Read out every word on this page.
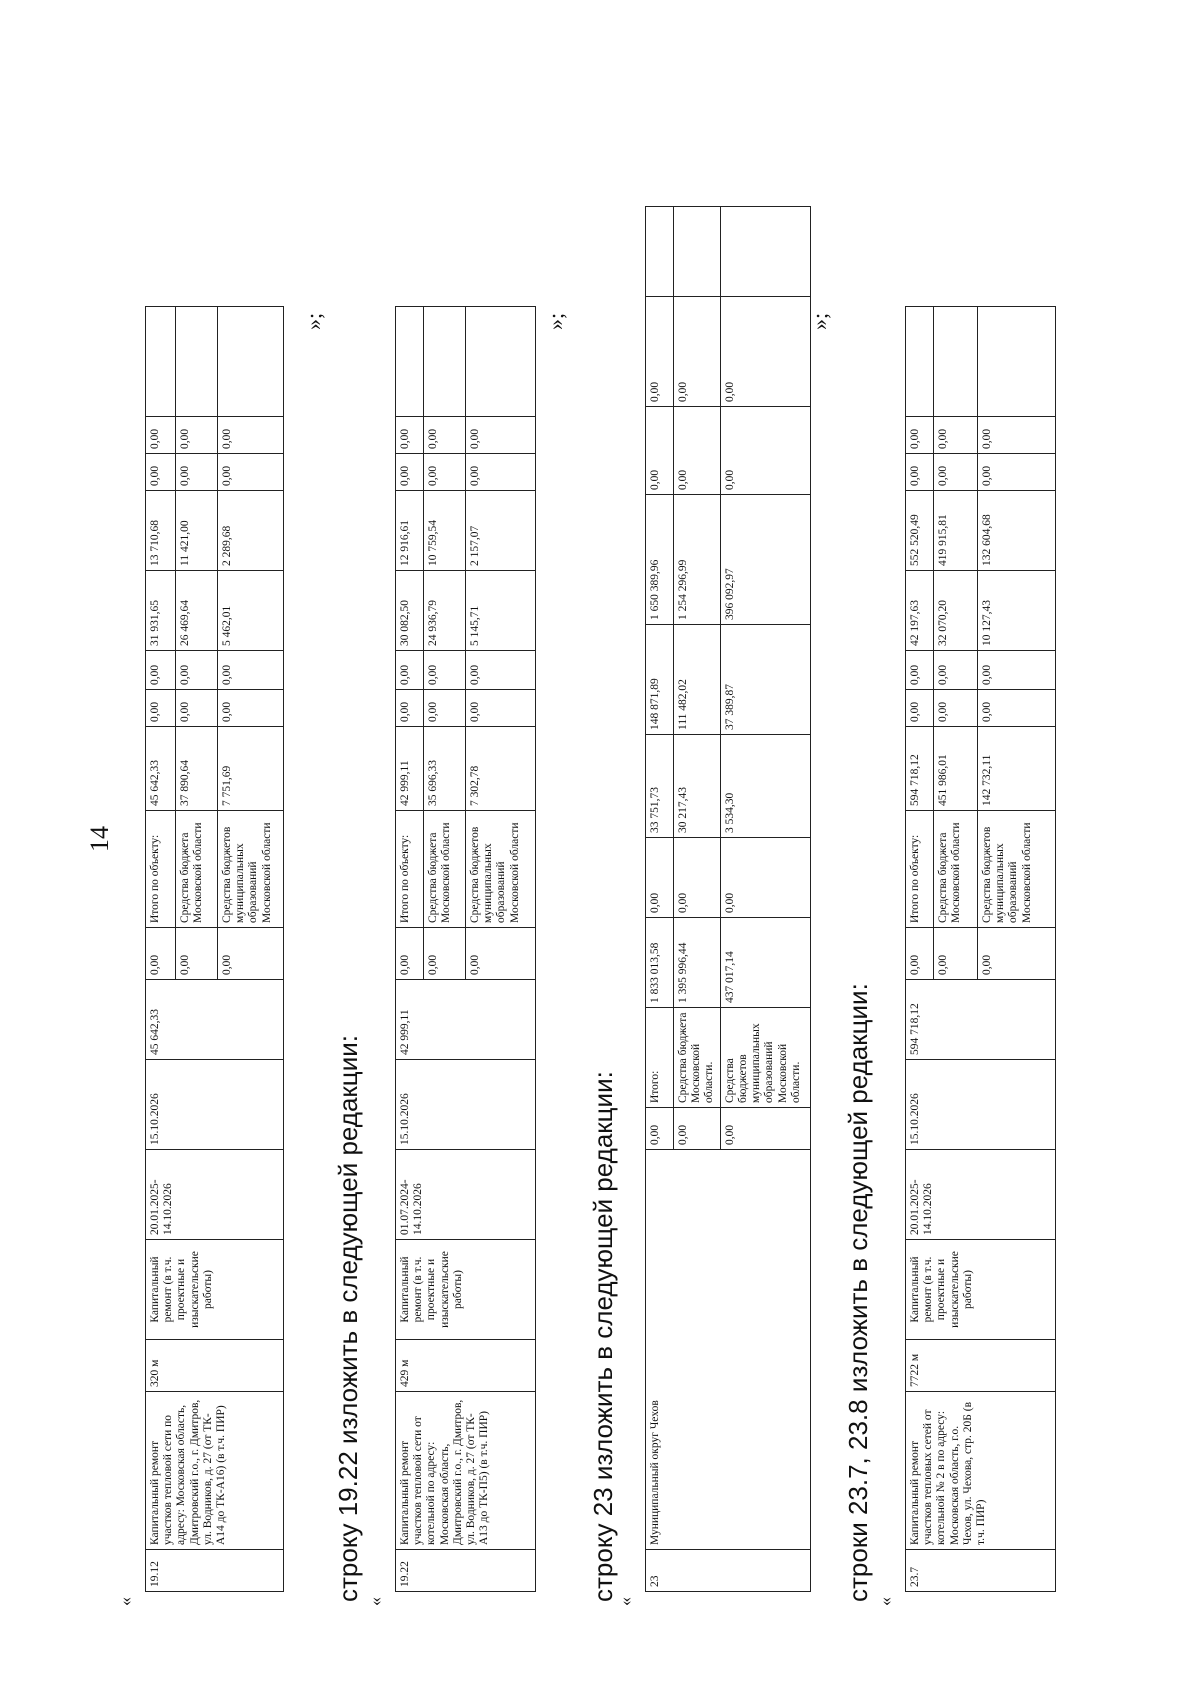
14
«
19.12	Капитальный ремонт участков тепловой сети по адресу: Московская область, Дмитровский г.о., г. Дмитров, ул. Водников, д. 27 (от ТК-А14 до ТК-А16) (в т.ч. ПИР)	320 м	Капитальный ремонт (в т.ч. проектные и изыскательские работы)	20.01.2025-14.10.2026	15.10.2026	45 642,33	0,00	Итого по объекту:	45 642,33	0,00	0,00	31 931,65	13 710,68	0,00	0,00	
							0,00	Средства бюджета Московской области	37 890,64	0,00	0,00	26 469,64	11 421,00	0,00	0,00	
							0,00	Средства бюджетов муниципальных образований Московской области	7 751,69	0,00	0,00	5 462,01	2 289,68	0,00	0,00	
»;
строку 19.22 изложить в следующей редакции: «
19.22	Капитальный ремонт участков тепловой сети от котельной по адресу: Московская область, Дмитровский г.о., г. Дмитров, ул. Водников, д. 27 (от ТК-А13 до ТК-П5) (в т.ч. ПИР)	429 м	Капитальный ремонт (в т.ч. проектные и изыскательские работы)	01.07.2024-14.10.2026	15.10.2026	42 999,11	0,00	Итого по объекту:	42 999,11	0,00	0,00	30 082,50	12 916,61	0,00	0,00	
							0,00	Средства бюджета Московской области	35 696,33	0,00	0,00	24 936,79	10 759,54	0,00	0,00	
							0,00	Средства бюджетов муниципальных образований Московской области	7 302,78	0,00	0,00	5 145,71	2 157,07	0,00	0,00	
»;
строку 23 изложить в следующей редакции:
«
23	Муниципальный округ Чехов	0,00	Итого:	1 833 013,58	0,00	33 751,73	148 871,89	1 650 389,96	0,00	0,00	
		0,00	Средства бюджета Московской области.	1 395 996,44	0,00	30 217,43	111 482,02	1 254 296,99	0,00	0,00	
		0,00	Средства бюджетов муниципальных образований Московской области.	437 017,14	0,00	3 534,30	37 389,87	396 092,97	0,00	0,00	
»;
строки 23.7, 23.8 изложить в следующей редакции: «
23.7	Капитальный ремонт участков тепловых сетей от котельной № 2 в по адресу: Московская область, г.о. Чехов, ул. Чехова, стр. 20Б (в т.ч. ПИР)	7722 м	Капитальный ремонт (в т.ч. проектные и изыскательские работы)	20.01.2025-14.10.2026	15.10.2026	594 718,12	0,00	Итого по объекту:	594 718,12	0,00	0,00	42 197,63	552 520,49	0,00	0,00	
							0,00	Средства бюджета Московской области	451 986,01	0,00	0,00	32 070,20	419 915,81	0,00	0,00	
							0,00	Средства бюджетов муниципальных образований Московской области	142 732,11	0,00	0,00	10 127,43	132 604,68	0,00	0,00	
